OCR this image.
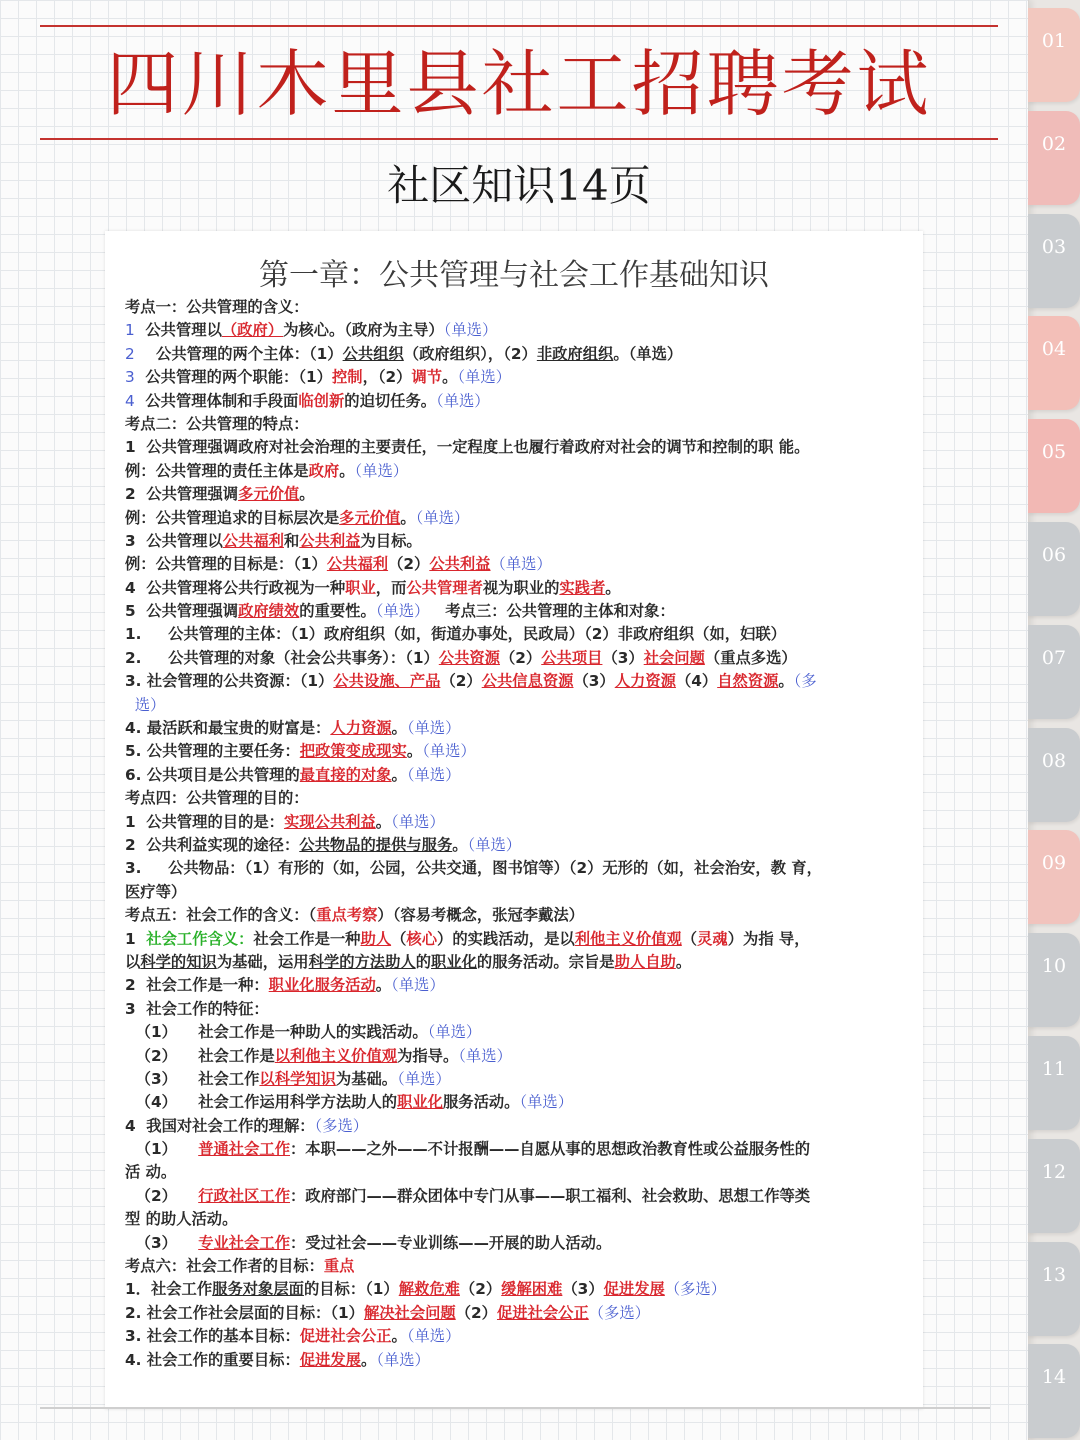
四川木里县社工招聘考试
社区知识14页
第一章：公共管理与社会工作基础知识
考点一：公共管理的含义：
1  公共管理以（政府）为核心。（政府为主导）（单选）
2    公共管理的两个主体：（1）公共组织（政府组织），（2）非政府组织。（单选）
3  公共管理的两个职能：（1）控制，（2）调节。（单选）
4  公共管理体制和手段面临创新的迫切任务。（单选）
考点二：公共管理的特点：
1  公共管理强调政府对社会治理的主要责任，一定程度上也履行着政府对社会的调节和控制的职 能。
例：公共管理的责任主体是政府。（单选）
2  公共管理强调多元价值。
例：公共管理追求的目标层次是多元价值。（单选）
3  公共管理以公共福利和公共利益为目标。
例：公共管理的目标是：（1）公共福利（2）公共利益（单选）
4  公共管理将公共行政视为一种职业，而公共管理者视为职业的实践者。
5  公共管理强调政府绩效的重要性。（单选）   考点三：公共管理的主体和对象：
1.     公共管理的主体：（1）政府组织（如，街道办事处，民政局）（2）非政府组织（如，妇联）
2.     公共管理的对象（社会公共事务）：（1）公共资源（2）公共项目（3）社会问题（重点多选）
3. 社会管理的公共资源：（1）公共设施、产品（2）公共信息资源（3）人力资源（4）自然资源。（多
选）
4. 最活跃和最宝贵的财富是：人力资源。（单选）
5. 公共管理的主要任务：把政策变成现实。（单选）
6. 公共项目是公共管理的最直接的对象。（单选）
考点四：公共管理的目的：
1  公共管理的目的是：实现公共利益。（单选）
2  公共利益实现的途径：公共物品的提供与服务。（单选）
3.     公共物品：（1）有形的（如，公园，公共交通，图书馆等）（2）无形的（如，社会治安，教 育，
医疗等）
考点五：社会工作的含义：（重点考察）（容易考概念，张冠李戴法）
1  社会工作含义：社会工作是一种助人（核心）的实践活动，是以利他主义价值观（灵魂）为指 导，
以科学的知识为基础，运用科学的方法助人的职业化的服务活动。宗旨是助人自助。
2  社会工作是一种：职业化服务活动。（单选）
3  社会工作的特征：
（1）    社会工作是一种助人的实践活动。（单选）
（2）    社会工作是以利他主义价值观为指导。（单选）
（3）    社会工作以科学知识为基础。（单选）
（4）    社会工作运用科学方法助人的职业化服务活动。（单选）
4  我国对社会工作的理解：（多选）
（1）    普通社会工作：本职——之外——不计报酬——自愿从事的思想政治教育性或公益服务性的
活 动。
（2）    行政社区工作：政府部门——群众团体中专门从事——职工福利、社会救助、思想工作等类
型 的助人活动。
（3）    专业社会工作：受过社会——专业训练——开展的助人活动。
考点六：社会工作者的目标：重点
1．社会工作服务对象层面的目标：（1）解救危难（2）缓解困难（3）促进发展（多选）
2. 社会工作社会层面的目标：（1）解决社会问题（2）促进社会公正（多选）
3. 社会工作的基本目标：促进社会公正。（单选）
4. 社会工作的重要目标：促进发展。（单选）
01
02
03
04
05
06
07
08
09
10
11
12
13
14
